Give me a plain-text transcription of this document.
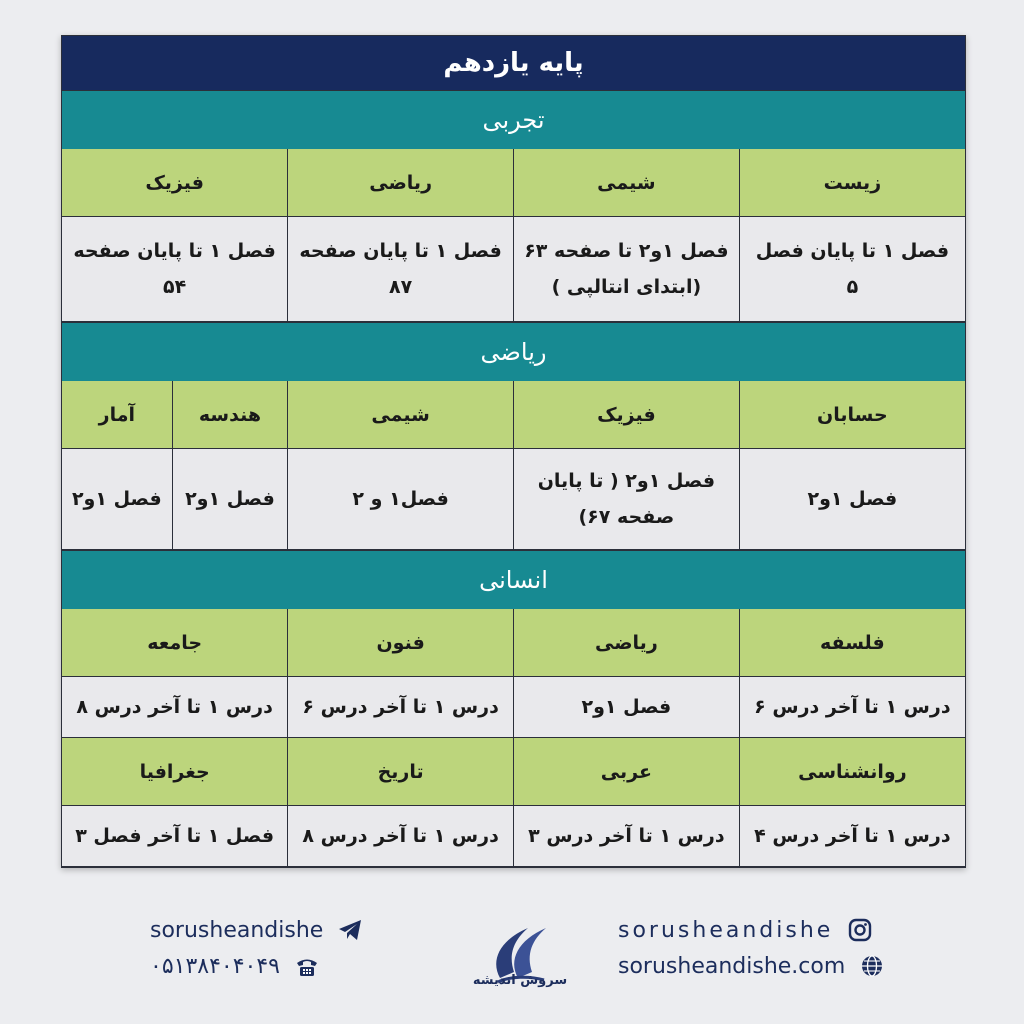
پایه یازدهم
تجربی
زیست	شیمی	ریاضی	فیزیک
فصل ۱ تا پایان فصل ۵	فصل ۱و۲ تا صفحه ۶۳ (ابتدای انتالپی )	فصل ۱ تا پایان صفحه ۸۷	فصل ۱ تا پایان صفحه ۵۴
ریاضی
حسابان	فیزیک	شیمی	هندسه	آمار
فصل ۱و۲	فصل ۱و۲ ( تا پایان صفحه ۶۷)	فصل۱ و ۲	فصل ۱و۲	فصل ۱و۲
انسانی
فلسفه	ریاضی	فنون	جامعه
درس ۱ تا آخر درس ۶	فصل ۱و۲	درس ۱ تا آخر درس ۶	درس ۱ تا آخر درس ۸
روانشناسی	عربی	تاریخ	جغرافیا
درس ۱ تا آخر درس ۴	درس ۱ تا آخر درس ۳	درس ۱ تا آخر درس ۸	فصل ۱ تا آخر فصل ۳
sorusheandishe
۰۵۱۳۸۴۰۴۰۴۹
سروش اندیشه
sorusheandishe
sorusheandishe.com
